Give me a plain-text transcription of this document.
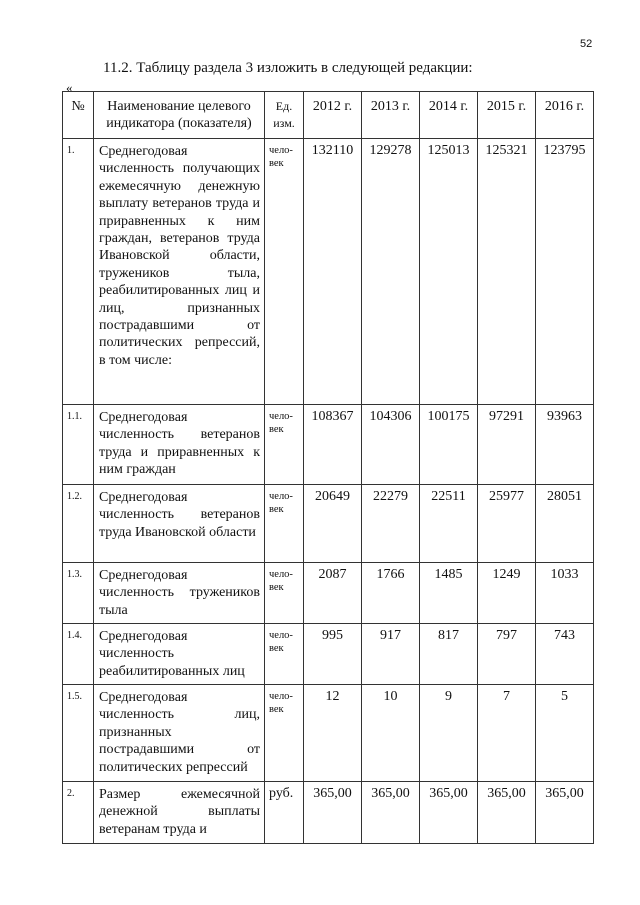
52
11.2. Таблицу раздела 3 изложить в следующей редакции:
«
№	Наименование целевого индикатора (показателя)	Ед. изм.	2012 г.	2013 г.	2014 г.	2015 г.	2016 г.
1.	Среднегодовая численность получающих ежемесячную денежную выплату ветеранов труда и приравненных к ним граждан, ветеранов труда Ивановской области, тружеников тыла, реабилитированных лиц и лиц, признанных пострадавшими от политических репрессий, в том числе:	чело-век	132110	129278	125013	125321	123795
1.1.	Среднегодовая численность ветеранов труда и приравненных к ним граждан	чело-век	108367	104306	100175	97291	93963
1.2.	Среднегодовая численность ветеранов труда Ивановской области	чело-век	20649	22279	22511	25977	28051
1.3.	Среднегодовая численность тружеников тыла	чело-век	2087	1766	1485	1249	1033
1.4.	Среднегодовая численность реабилитированных лиц	чело-век	995	917	817	797	743
1.5.	Среднегодовая численность лиц, признанных пострадавшими от политических репрессий	чело-век	12	10	9	7	5
2.	Размер ежемесячной денежной выплаты ветеранам труда и	руб.	365,00	365,00	365,00	365,00	365,00
